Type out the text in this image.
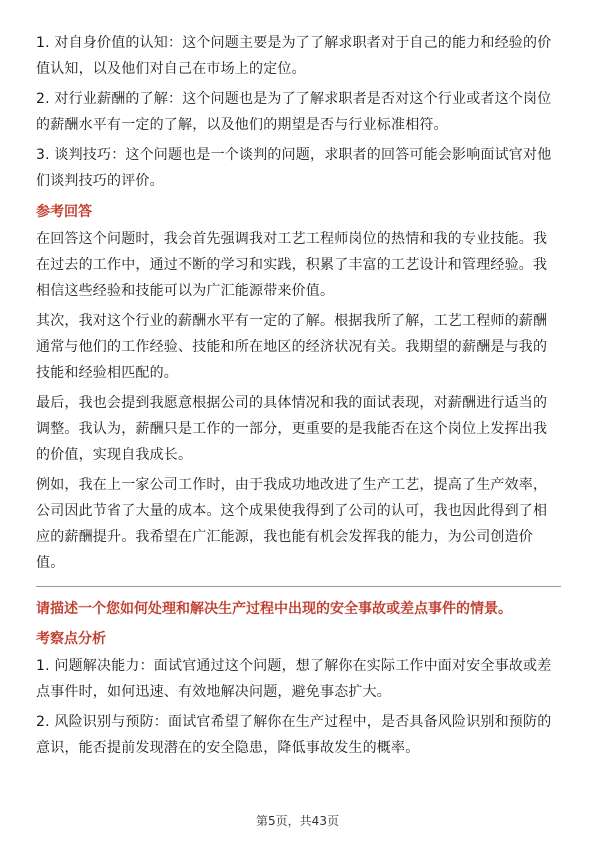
1. 对自身价值的认知：这个问题主要是为了了解求职者对于自己的能力和经验的价值认知，以及他们对自己在市场上的定位。

2. 对行业薪酬的了解：这个问题也是为了了解求职者是否对这个行业或者这个岗位的薪酬水平有一定的了解，以及他们的期望是否与行业标准相符。

3. 谈判技巧：这个问题也是一个谈判的问题，求职者的回答可能会影响面试官对他们谈判技巧的评价。

参考回答

在回答这个问题时，我会首先强调我对工艺工程师岗位的热情和我的专业技能。我在过去的工作中，通过不断的学习和实践，积累了丰富的工艺设计和管理经验。我相信这些经验和技能可以为广汇能源带来价值。

其次，我对这个行业的薪酬水平有一定的了解。根据我所了解，工艺工程师的薪酬通常与他们的工作经验、技能和所在地区的经济状况有关。我期望的薪酬是与我的技能和经验相匹配的。

最后，我也会提到我愿意根据公司的具体情况和我的面试表现，对薪酬进行适当的调整。我认为，薪酬只是工作的一部分，更重要的是我能否在这个岗位上发挥出我的价值，实现自我成长。

例如，我在上一家公司工作时，由于我成功地改进了生产工艺，提高了生产效率，公司因此节省了大量的成本。这个成果使我得到了公司的认可，我也因此得到了相应的薪酬提升。我希望在广汇能源，我也能有机会发挥我的能力，为公司创造价值。

请描述一个您如何处理和解决生产过程中出现的安全事故或差点事件的情景。
考察点分析

1. 问题解决能力：面试官通过这个问题，想了解你在实际工作中面对安全事故或差点事件时，如何迅速、有效地解决问题，避免事态扩大。

2. 风险识别与预防：面试官希望了解你在生产过程中，是否具备风险识别和预防的意识，能否提前发现潜在的安全隐患，降低事故发生的概率。

第5页，共43页
